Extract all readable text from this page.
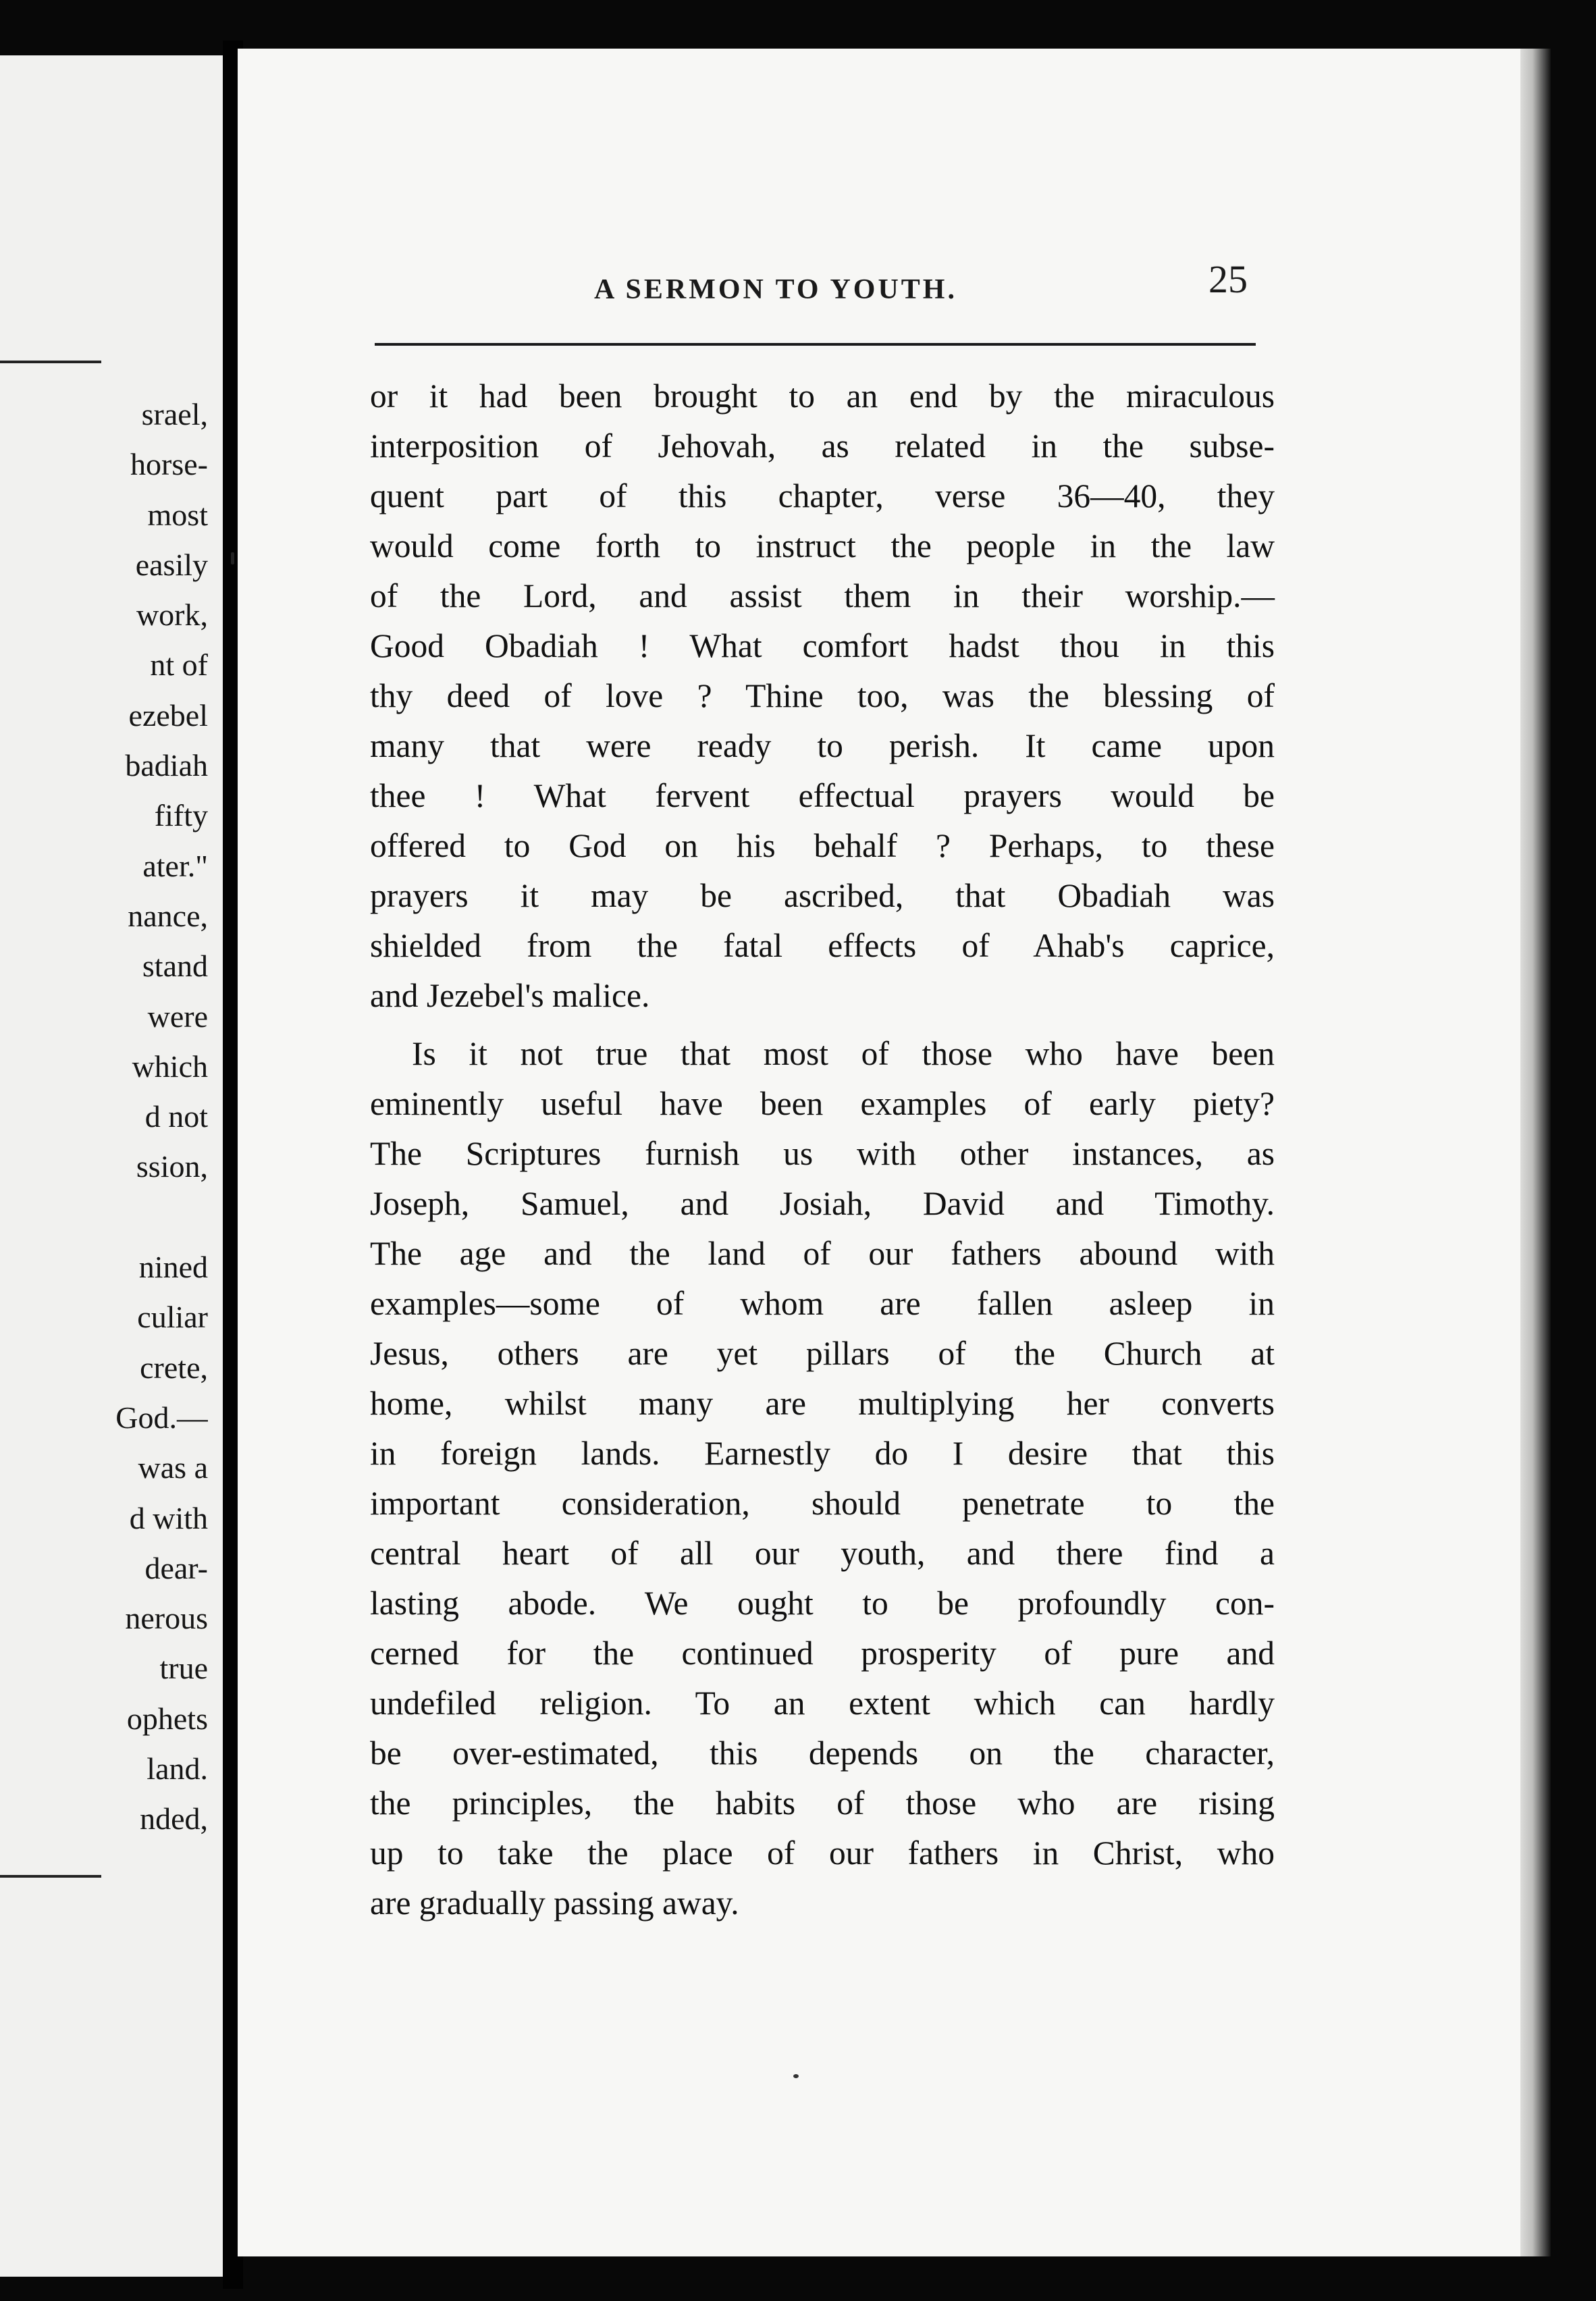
srael,
horse-
most
easily
work,
nt of
ezebel
badiah
fifty
ater."
nance,
stand
were
which
d not
ssion,
nined
culiar
crete,
God.—
was a
d with
dear-
nerous
true
ophets
land.
nded,
A SERMON TO YOUTH.	25
or it had been brought to an end by the miraculous
interposition of Jehovah, as related in the subse-
quent part of this chapter, verse 36—40, they
would come forth to instruct the people in the law
of the Lord, and assist them in their worship.—
Good Obadiah ! What comfort hadst thou in this
thy deed of love ? Thine too, was the blessing of
many that were ready to perish. It came upon
thee ! What fervent effectual prayers would be
offered to God on his behalf ? Perhaps, to these
prayers it may be ascribed, that Obadiah was
shielded from the fatal effects of Ahab's caprice,
and Jezebel's malice.
Is it not true that most of those who have been
eminently useful have been examples of early piety?
The Scriptures furnish us with other instances, as
Joseph, Samuel, and Josiah, David and Timothy.
The age and the land of our fathers abound with
examples—some of whom are fallen asleep in
Jesus, others are yet pillars of the Church at
home, whilst many are multiplying her converts
in foreign lands. Earnestly do I desire that this
important consideration, should penetrate to the
central heart of all our youth, and there find a
lasting abode. We ought to be profoundly con-
cerned for the continued prosperity of pure and
undefiled religion. To an extent which can hardly
be over-estimated, this depends on the character,
the principles, the habits of those who are rising
up to take the place of our fathers in Christ, who
are gradually passing away.
